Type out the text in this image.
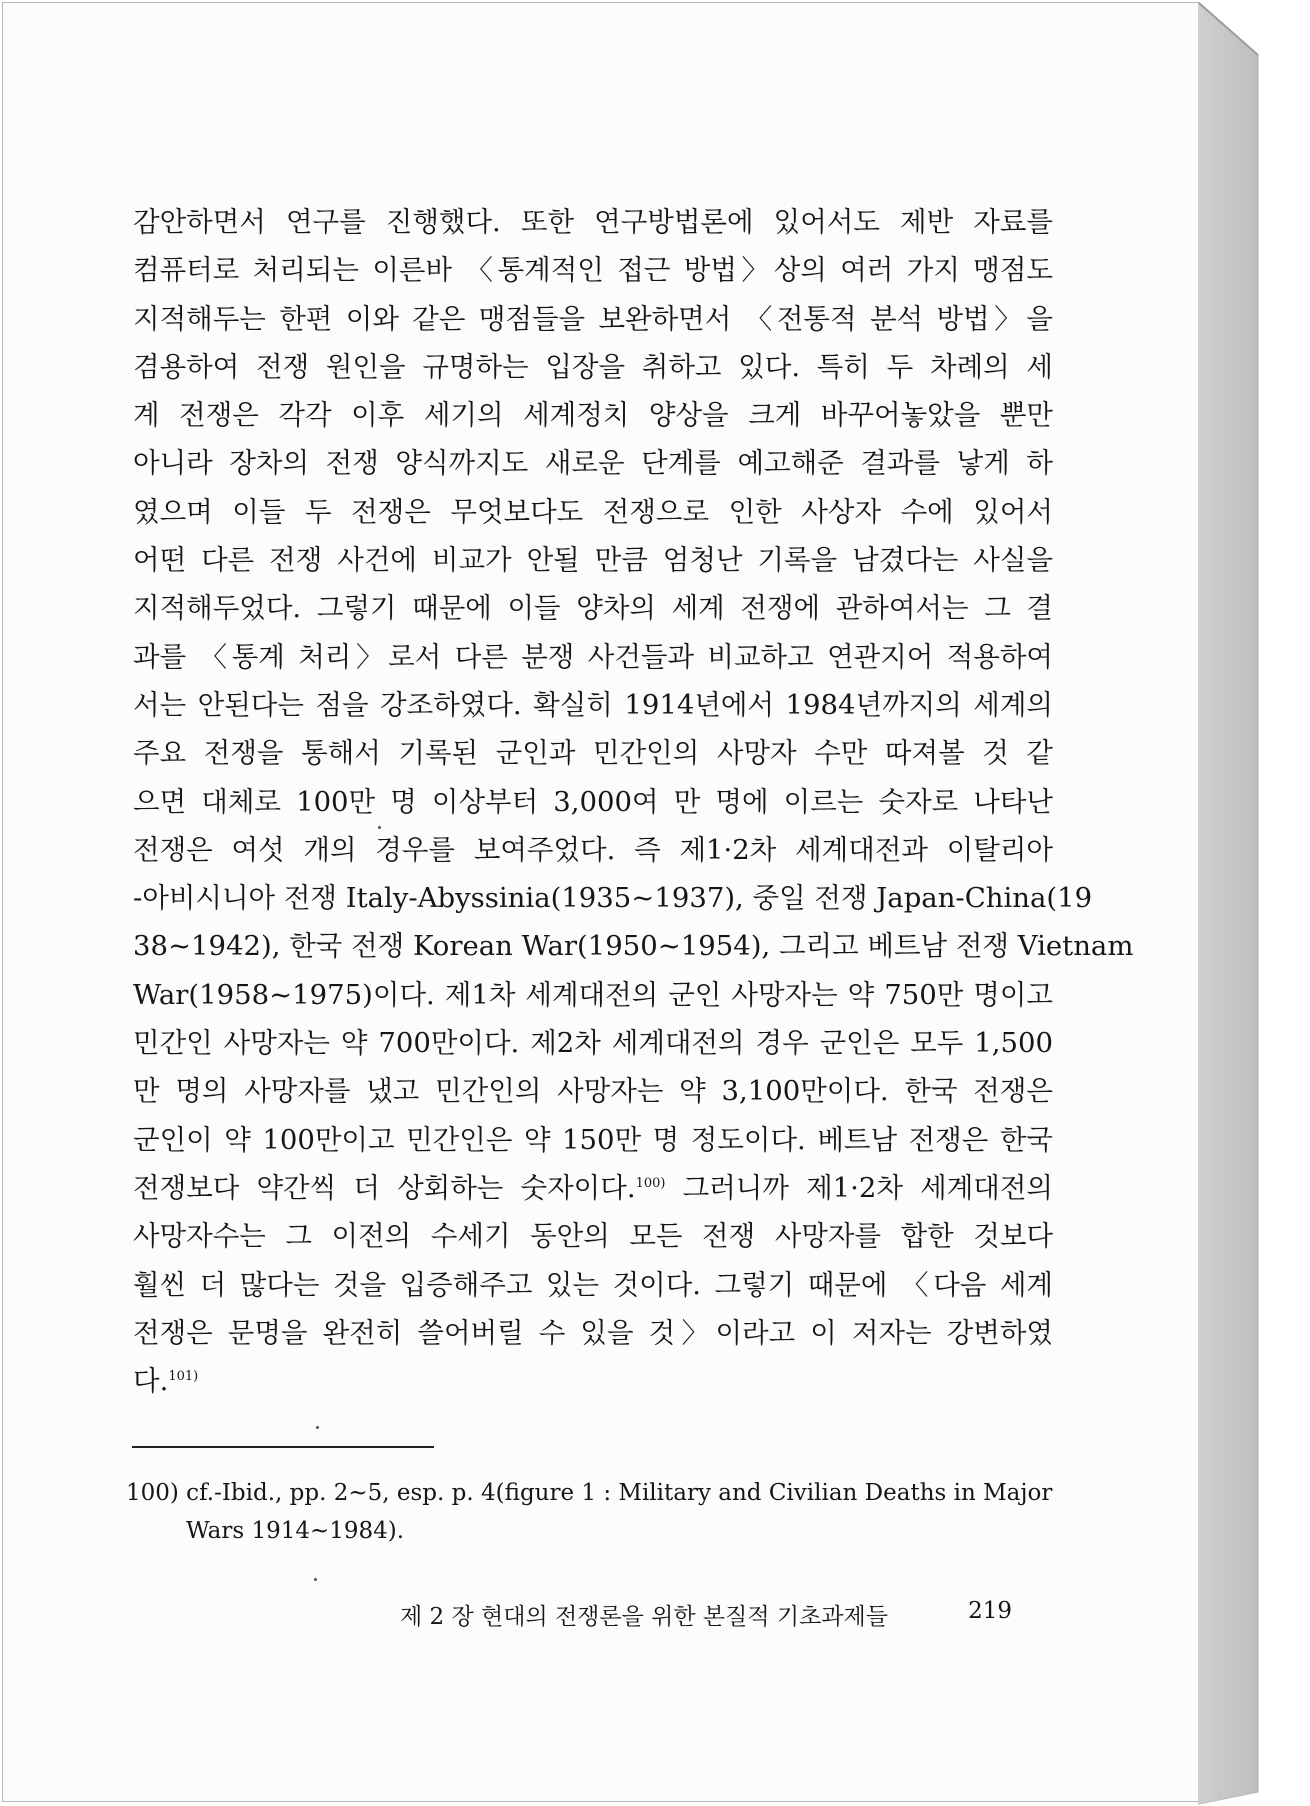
감안하면서 연구를 진행했다. 또한 연구방법론에 있어서도 제반 자료를
컴퓨터로 처리되는 이른바 〈통계적인 접근 방법〉상의 여러 가지 맹점도
지적해두는 한편 이와 같은 맹점들을 보완하면서 〈전통적 분석 방법〉을
겸용하여 전쟁 원인을 규명하는 입장을 취하고 있다. 특히 두 차례의 세
계 전쟁은 각각 이후 세기의 세계정치 양상을 크게 바꾸어놓았을 뿐만
아니라 장차의 전쟁 양식까지도 새로운 단계를 예고해준 결과를 낳게 하
였으며 이들 두 전쟁은 무엇보다도 전쟁으로 인한 사상자 수에 있어서
어떤 다른 전쟁 사건에 비교가 안될 만큼 엄청난 기록을 남겼다는 사실을
지적해두었다. 그렇기 때문에 이들 양차의 세계 전쟁에 관하여서는 그 결
과를 〈통계 처리〉로서 다른 분쟁 사건들과 비교하고 연관지어 적용하여
서는 안된다는 점을 강조하였다. 확실히 1914년에서 1984년까지의 세계의
주요 전쟁을 통해서 기록된 군인과 민간인의 사망자 수만 따져볼 것 같
으면 대체로 100만 명 이상부터 3,000여 만 명에 이르는 숫자로 나타난
전쟁은 여섯 개의 경우를 보여주었다. 즉 제1·2차 세계대전과 이탈리아
-아비시니아 전쟁 Italy-Abyssinia(1935~1937), 중일 전쟁 Japan-China(19
38~1942), 한국 전쟁 Korean War(1950~1954), 그리고 베트남 전쟁 Vietnam
War(1958~1975)이다. 제1차 세계대전의 군인 사망자는 약 750만 명이고
민간인 사망자는 약 700만이다. 제2차 세계대전의 경우 군인은 모두 1,500
만 명의 사망자를 냈고 민간인의 사망자는 약 3,100만이다. 한국 전쟁은
군인이 약 100만이고 민간인은 약 150만 명 정도이다. 베트남 전쟁은 한국
전쟁보다 약간씩 더 상회하는 숫자이다.$^{100)}$ 그러니까 제1·2차 세계대전의
사망자수는 그 이전의 수세기 동안의 모든 전쟁 사망자를 합한 것보다
훨씬 더 많다는 것을 입증해주고 있는 것이다. 그렇기 때문에 〈다음 세계
전쟁은 문명을 완전히 쓸어버릴 수 있을 것〉이라고 이 저자는 강변하였
다.$^{101)}$
100) cf.-Ibid., pp. 2~5, esp. p. 4(figure 1 : Military and Civilian Deaths in Major
Wars 1914~1984).
제 2 장 현대의 전쟁론을 위한 본질적 기초과제들	219
